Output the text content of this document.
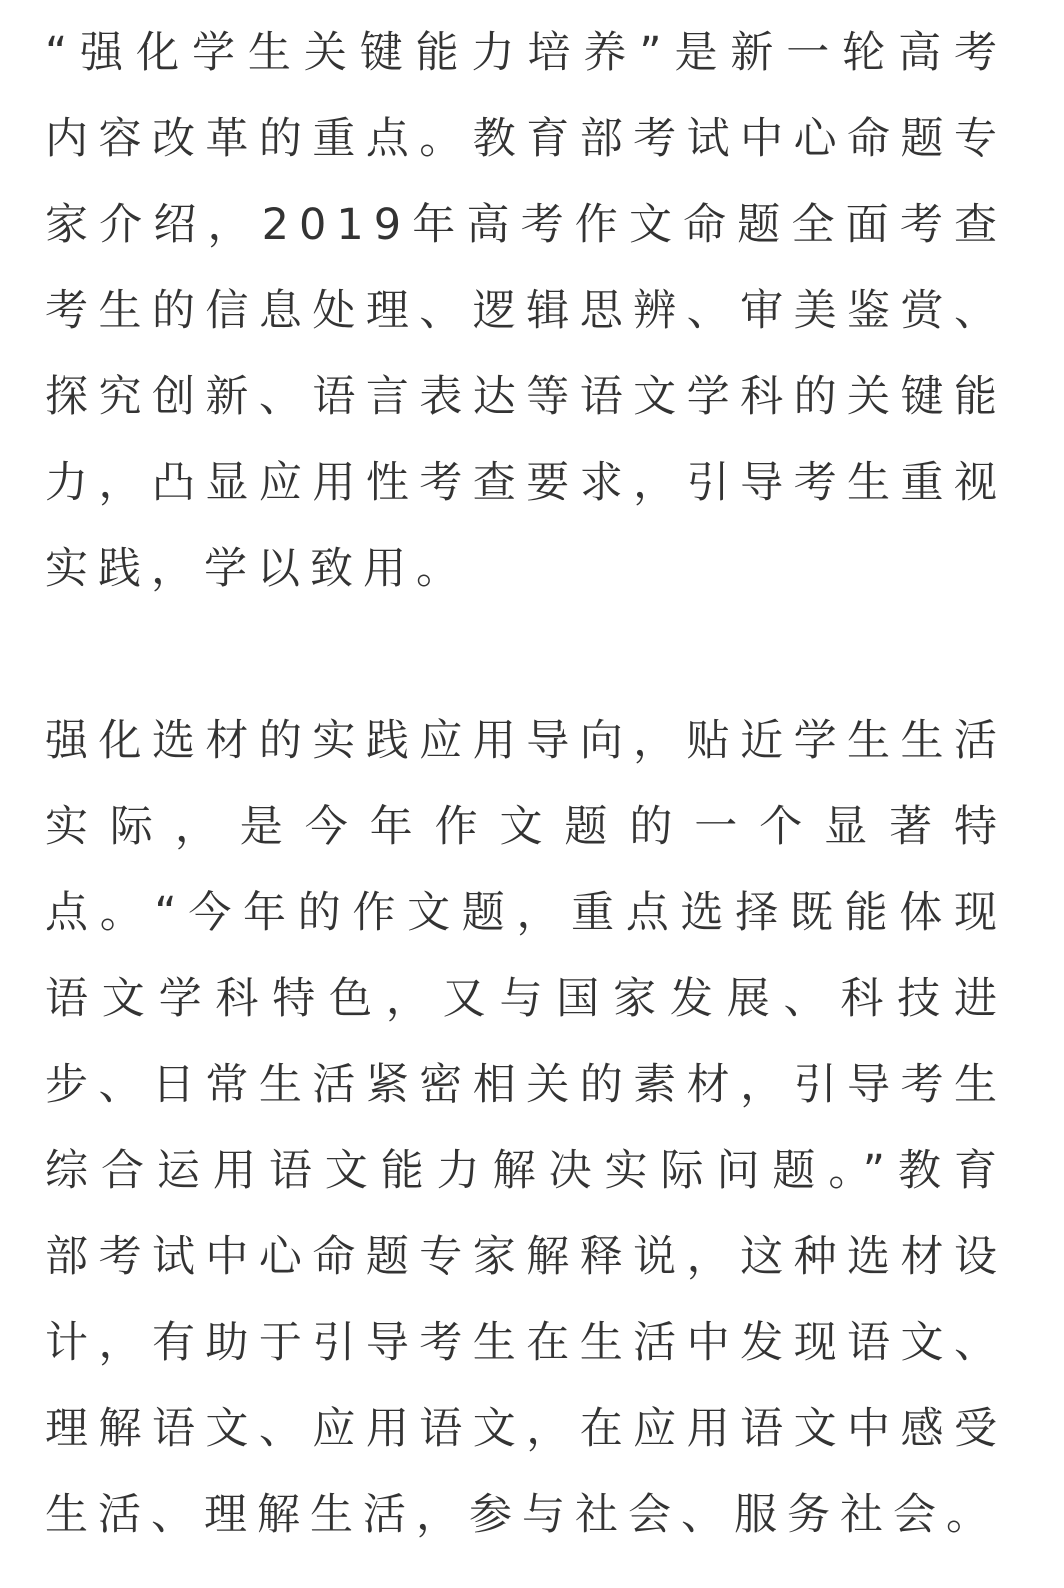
“强化学生关键能力培养”是新一轮高考内容改革的重点。教育部考试中心命题专家介绍，2019年高考作文命题全面考查考生的信息处理、逻辑思辨、审美鉴赏、探究创新、语言表达等语文学科的关键能力，凸显应用性考查要求，引导考生重视实践，学以致用。

强化选材的实践应用导向，贴近学生生活实际，是今年作文题的一个显著特点。“今年的作文题，重点选择既能体现语文学科特色，又与国家发展、科技进步、日常生活紧密相关的素材，引导考生综合运用语文能力解决实际问题。”教育部考试中心命题专家解释说，这种选材设计，有助于引导考生在生活中发现语文、理解语文、应用语文，在应用语文中感受生活、理解生活，参与社会、服务社会。
